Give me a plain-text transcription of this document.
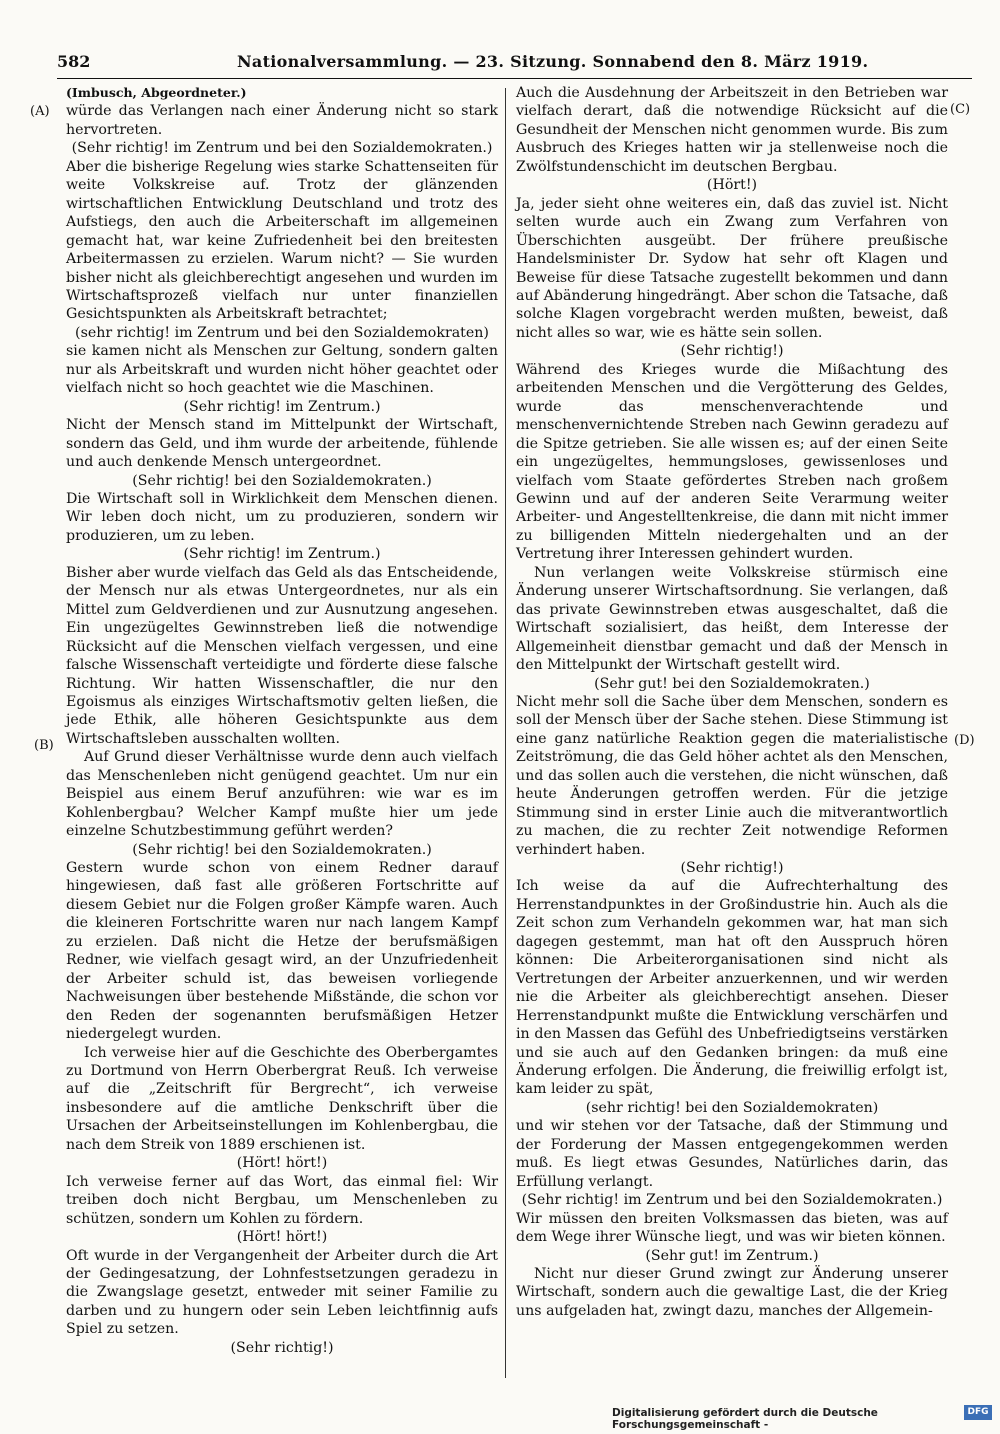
582	Nationalversammlung. — 23. Sitzung. Sonnabend den 8. März 1919.
(A)
(B)
(C)
(D)

(Imbusch, Abgeordneter.)

würde das Verlangen nach einer Änderung nicht so stark hervortreten.

(Sehr richtig! im Zentrum und bei den Sozialdemokraten.)

Aber die bisherige Regelung wies starke Schattenseiten für weite Volkskreise auf. Trotz der glänzenden wirtschaftlichen Entwicklung Deutschland und trotz des Aufstiegs, den auch die Arbeiterschaft im allgemeinen gemacht hat, war keine Zufriedenheit bei den breitesten Arbeitermassen zu erzielen. Warum nicht? — Sie wurden bisher nicht als gleichberechtigt angesehen und wurden im Wirtschaftsprozeß vielfach nur unter finanziellen Gesichtspunkten als Arbeitskraft betrachtet;

(sehr richtig! im Zentrum und bei den Sozialdemokraten)

sie kamen nicht als Menschen zur Geltung, sondern galten nur als Arbeitskraft und wurden nicht höher geachtet oder vielfach nicht so hoch geachtet wie die Maschinen.

(Sehr richtig! im Zentrum.)

Nicht der Mensch stand im Mittelpunkt der Wirtschaft, sondern das Geld, und ihm wurde der arbeitende, fühlende und auch denkende Mensch untergeordnet.

(Sehr richtig! bei den Sozialdemokraten.)

Die Wirtschaft soll in Wirklichkeit dem Menschen dienen. Wir leben doch nicht, um zu produzieren, sondern wir produzieren, um zu leben.

(Sehr richtig! im Zentrum.)

Bisher aber wurde vielfach das Geld als das Entscheidende, der Mensch nur als etwas Untergeordnetes, nur als ein Mittel zum Geldverdienen und zur Ausnutzung angesehen. Ein ungezügeltes Gewinnstreben ließ die notwendige Rücksicht auf die Menschen vielfach vergessen, und eine falsche Wissenschaft verteidigte und förderte diese falsche Richtung. Wir hatten Wissenschaftler, die nur den Egoismus als einziges Wirtschaftsmotiv gelten ließen, die jede Ethik, alle höheren Gesichtspunkte aus dem Wirtschaftsleben ausschalten wollten.

Auf Grund dieser Verhältnisse wurde denn auch vielfach das Menschenleben nicht genügend geachtet. Um nur ein Beispiel aus einem Beruf anzuführen: wie war es im Kohlenbergbau? Welcher Kampf mußte hier um jede einzelne Schutzbestimmung geführt werden?

(Sehr richtig! bei den Sozialdemokraten.)

Gestern wurde schon von einem Redner darauf hingewiesen, daß fast alle größeren Fortschritte auf diesem Gebiet nur die Folgen großer Kämpfe waren. Auch die kleineren Fortschritte waren nur nach langem Kampf zu erzielen. Daß nicht die Hetze der berufsmäßigen Redner, wie vielfach gesagt wird, an der Unzufriedenheit der Arbeiter schuld ist, das beweisen vorliegende Nachweisungen über bestehende Mißstände, die schon vor den Reden der sogenannten berufsmäßigen Hetzer niedergelegt wurden.

Ich verweise hier auf die Geschichte des Oberbergamtes zu Dortmund von Herrn Oberbergrat Reuß. Ich verweise auf die „Zeitschrift für Bergrecht“, ich verweise insbesondere auf die amtliche Denkschrift über die Ursachen der Arbeitseinstellungen im Kohlenbergbau, die nach dem Streik von 1889 erschienen ist.

(Hört! hört!)

Ich verweise ferner auf das Wort, das einmal fiel: Wir treiben doch nicht Bergbau, um Menschenleben zu schützen, sondern um Kohlen zu fördern.

(Hört! hört!)

Oft wurde in der Vergangenheit der Arbeiter durch die Art der Gedingesatzung, der Lohnfestsetzungen geradezu in die Zwangslage gesetzt, entweder mit seiner Familie zu darben und zu hungern oder sein Leben leichtfinnig aufs Spiel zu setzen.

(Sehr richtig!)

Auch die Ausdehnung der Arbeitszeit in den Betrieben war vielfach derart, daß die notwendige Rücksicht auf die Gesundheit der Menschen nicht genommen wurde. Bis zum Ausbruch des Krieges hatten wir ja stellenweise noch die Zwölfstundenschicht im deutschen Bergbau.

(Hört!)

Ja, jeder sieht ohne weiteres ein, daß das zuviel ist. Nicht selten wurde auch ein Zwang zum Verfahren von Überschichten ausgeübt. Der frühere preußische Handelsminister Dr. Sydow hat sehr oft Klagen und Beweise für diese Tatsache zugestellt bekommen und dann auf Abänderung hingedrängt. Aber schon die Tatsache, daß solche Klagen vorgebracht werden mußten, beweist, daß nicht alles so war, wie es hätte sein sollen.

(Sehr richtig!)

Während des Krieges wurde die Mißachtung des arbeitenden Menschen und die Vergötterung des Geldes, wurde das menschenverachtende und menschenvernichtende Streben nach Gewinn geradezu auf die Spitze getrieben. Sie alle wissen es; auf der einen Seite ein ungezügeltes, hemmungsloses, gewissenloses und vielfach vom Staate gefördertes Streben nach großem Gewinn und auf der anderen Seite Verarmung weiter Arbeiter- und Angestelltenkreise, die dann mit nicht immer zu billigenden Mitteln niedergehalten und an der Vertretung ihrer Interessen gehindert wurden.

Nun verlangen weite Volkskreise stürmisch eine Änderung unserer Wirtschaftsordnung. Sie verlangen, daß das private Gewinnstreben etwas ausgeschaltet, daß die Wirtschaft sozialisiert, das heißt, dem Interesse der Allgemeinheit dienstbar gemacht und daß der Mensch in den Mittelpunkt der Wirtschaft gestellt wird.

(Sehr gut! bei den Sozialdemokraten.)

Nicht mehr soll die Sache über dem Menschen, sondern es soll der Mensch über der Sache stehen. Diese Stimmung ist eine ganz natürliche Reaktion gegen die materialistische Zeitströmung, die das Geld höher achtet als den Menschen, und das sollen auch die verstehen, die nicht wünschen, daß heute Änderungen getroffen werden. Für die jetzige Stimmung sind in erster Linie auch die mitverantwortlich zu machen, die zu rechter Zeit notwendige Reformen verhindert haben.

(Sehr richtig!)

Ich weise da auf die Aufrechterhaltung des Herrenstandpunktes in der Großindustrie hin. Auch als die Zeit schon zum Verhandeln gekommen war, hat man sich dagegen gestemmt, man hat oft den Ausspruch hören können: Die Arbeiterorganisationen sind nicht als Vertretungen der Arbeiter anzuerkennen, und wir werden nie die Arbeiter als gleichberechtigt ansehen. Dieser Herrenstandpunkt mußte die Entwicklung verschärfen und in den Massen das Gefühl des Unbefriedigtseins verstärken und sie auch auf den Gedanken bringen: da muß eine Änderung erfolgen. Die Änderung, die freiwillig erfolgt ist, kam leider zu spät,

(sehr richtig! bei den Sozialdemokraten)

und wir stehen vor der Tatsache, daß der Stimmung und der Forderung der Massen entgegengekommen werden muß. Es liegt etwas Gesundes, Natürliches darin, das Erfüllung verlangt.

(Sehr richtig! im Zentrum und bei den Sozialdemokraten.)

Wir müssen den breiten Volksmassen das bieten, was auf dem Wege ihrer Wünsche liegt, und was wir bieten können.

(Sehr gut! im Zentrum.)

Nicht nur dieser Grund zwingt zur Änderung unserer Wirtschaft, sondern auch die gewaltige Last, die der Krieg uns aufgeladen hat, zwingt dazu, manches der Allgemein-

Digitalisierung gefördert durch die Deutsche Forschungsgemeinschaft -
DFG
